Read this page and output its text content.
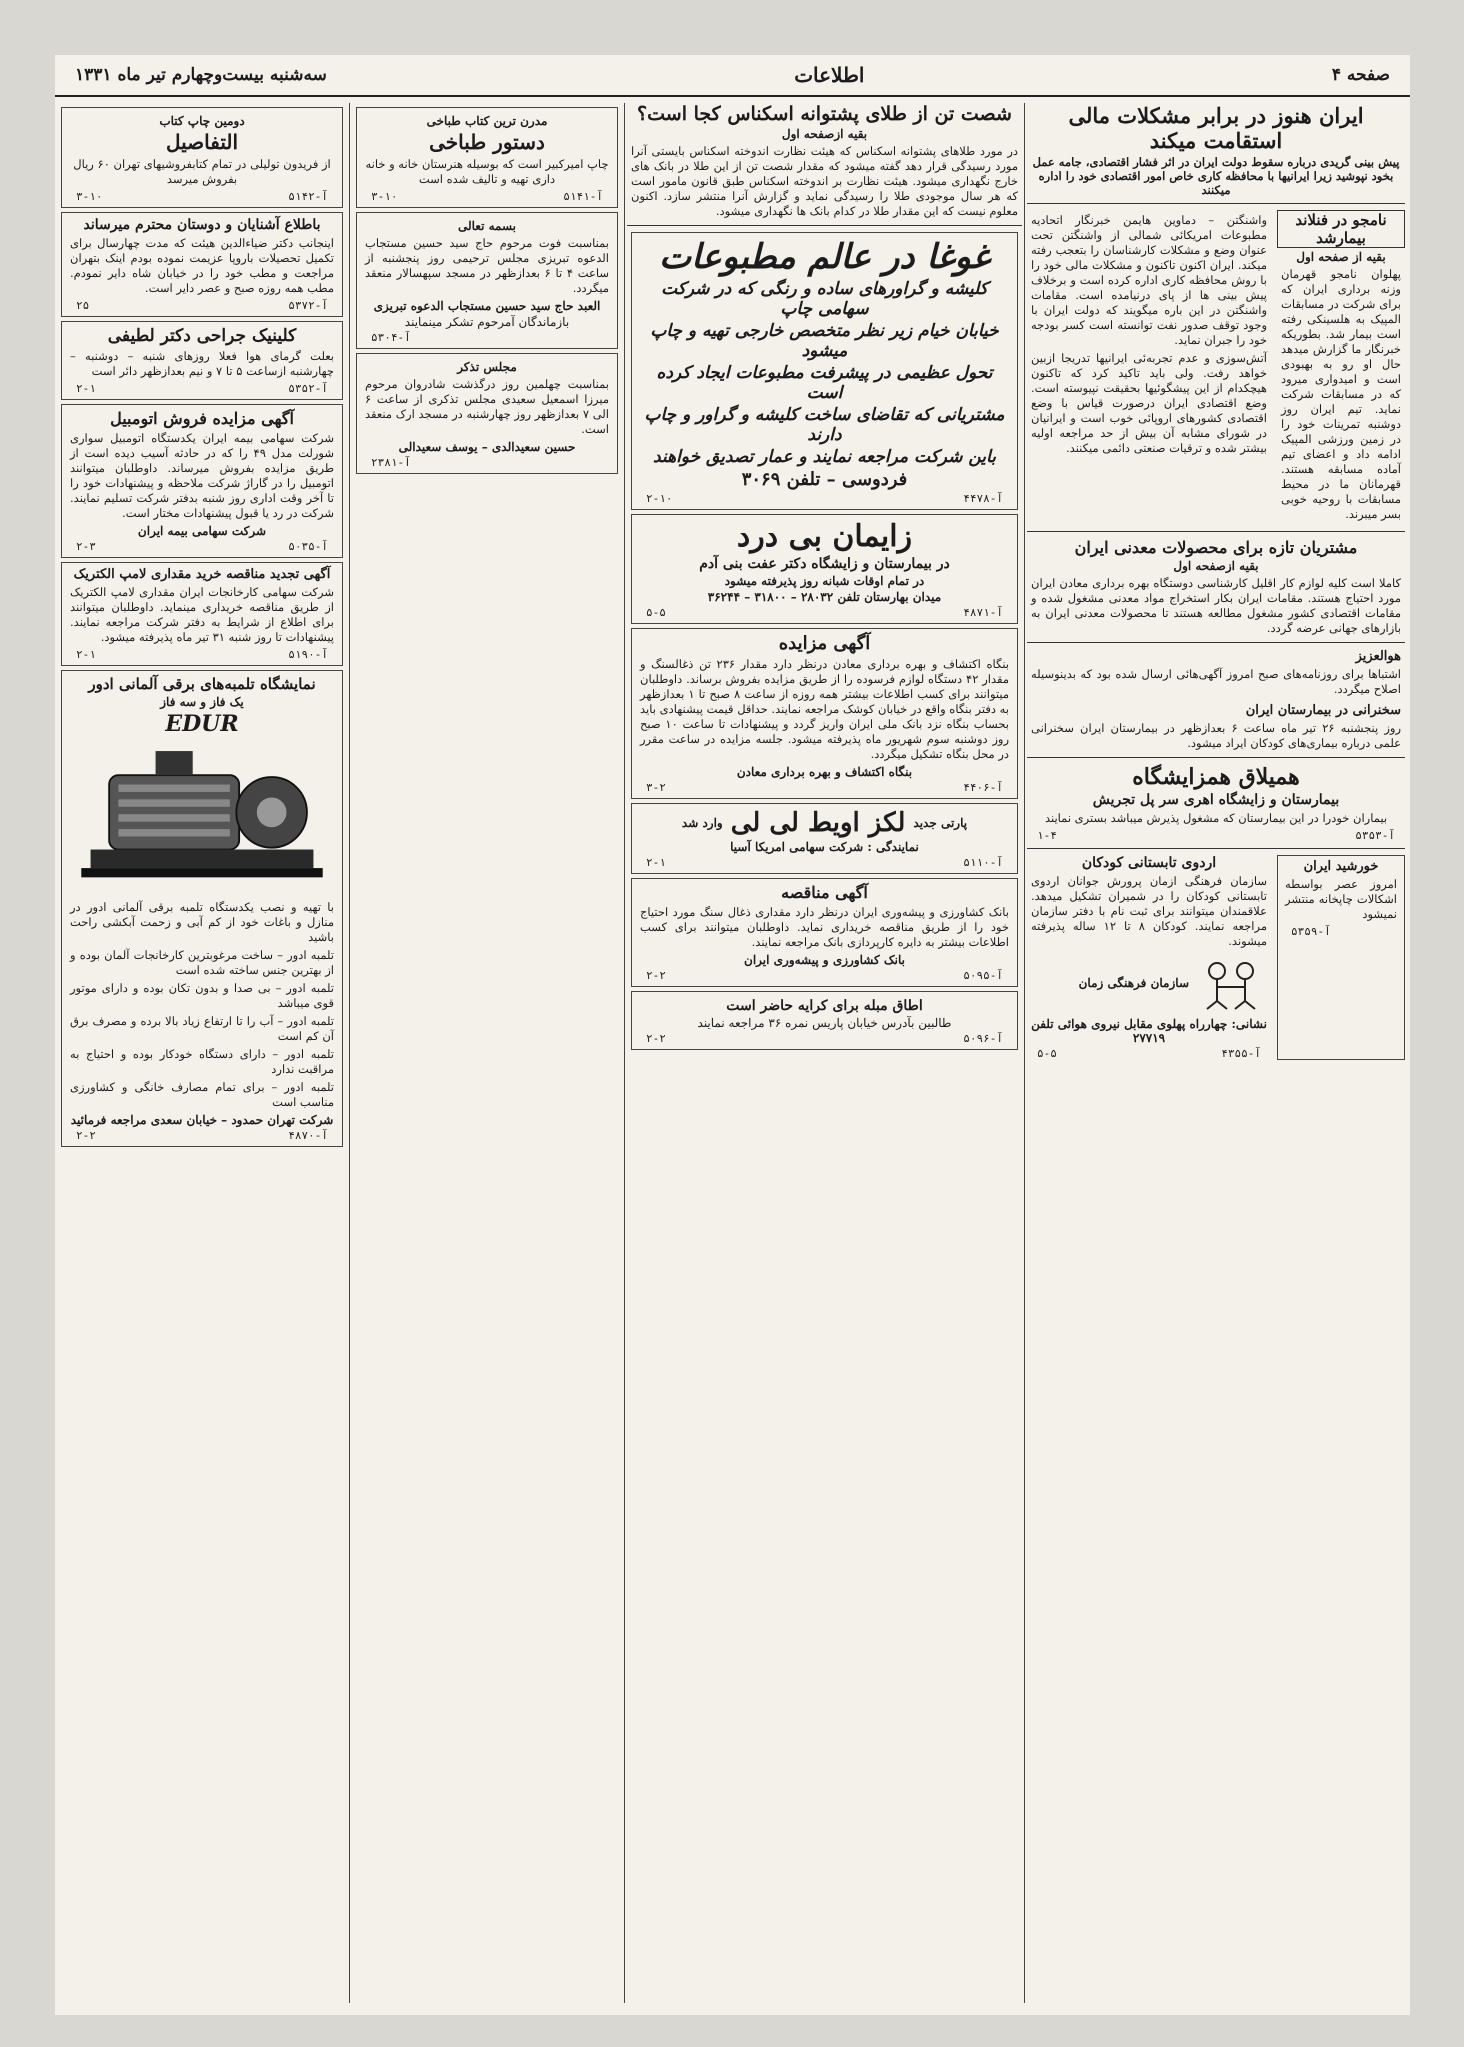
صفحه ۴
اطلاعات
سه‌شنبه بیست‌وچهارم تیر ماه ۱۳۳۱
ایران هنوز در برابر مشکلات مالی استقامت میکند
پیش بینی گریدی درباره سقوط دولت ایران در اثر فشار اقتصادی، جامه عمل بخود نپوشید زیرا ایرانیها با محافظه کاری خاص امور اقتصادی خود را اداره میکنند
نامجو در فنلاند بیمارشد
بقیه از صفحه اول

پهلوان نامجو قهرمان وزنه برداری ایران که برای شرکت در مسابقات المپیک به هلسینکی رفته است بیمار شد. بطوریکه خبرنگار ما گزارش میدهد حال او رو به بهبودی است و امیدواری میرود که در مسابقات شرکت نماید. تیم ایران روز دوشنبه تمرینات خود را در زمین ورزشی المپیک ادامه داد و اعضای تیم آماده مسابقه هستند. قهرمانان ما در محیط مسابقات با روحیه خوبی بسر میبرند.

واشنگتن – دماوین هایمن خبرنگار اتحادیه مطبوعات امریکائی شمالی از واشنگتن تحت عنوان وضع و مشکلات کارشناسان را بتعجب رفته میکند. ایران اکنون تاکنون و مشکلات مالی خود را با روش محافظه کاری اداره کرده است و برخلاف پیش بینی ها از پای درنیامده است. مقامات واشنگتن در این باره میگویند که دولت ایران با وجود توقف صدور نفت توانسته است کسر بودجه خود را جبران نماید.

آتش‌سوزی و عدم تجربه‌ئی ایرانیها تدریجا ازبین خواهد رفت. ولی باید تاکید کرد که تاکنون هیچکدام از این پیشگوئیها بحقیقت نپیوسته است. وضع اقتصادی ایران درصورت قیاس با وضع اقتصادی کشورهای اروپائی خوب است و ایرانیان در شورای مشابه آن بیش از حد مراجعه اولیه بیشتر شده و ترقیات صنعتی دائمی میکنند.

مشتریان تازه برای محصولات معدنی ایران
بقیه ازصفحه اول

کاملا است کلیه لوازم کار اقلیل کارشناسی دوستگاه بهره برداری معادن ایران مورد احتیاج هستند. مقامات ایران بکار استخراج مواد معدنی مشغول شده و مقامات اقتصادی کشور مشغول مطالعه هستند تا محصولات معدنی ایران به بازارهای جهانی عرضه گردد.

هوالعزیز

اشتباها برای روزنامه‌های صبح امروز آگهی‌هائی ارسال شده بود که بدینوسیله اصلاح میگردد.

سخنرانی در بیمارستان ایران

روز پنجشنبه ۲۶ تیر ماه ساعت ۶ بعدازظهر در بیمارستان ایران سخنرانی علمی درباره بیماری‌های کودکان ایراد میشود.

همیلاق همزایشگاه
بیمارستان و زایشگاه اهری سر پل تجریش

بیماران خودرا در این بیمارستان که مشغول پذیرش میباشد بستری نمایند

۱-۴	آ-۵۳۵۳
خورشید ایران

امروز عصر بواسطه اشکالات چاپخانه منتشر نمیشود

آ-۵۳۵۹
اردوی تابستانی کودکان

سازمان فرهنگی ازمان پرورش جوانان اردوی تابستانی کودکان را در شمیران تشکیل میدهد. علاقمندان میتوانند برای ثبت نام با دفتر سازمان مراجعه نمایند. کودکان ۸ تا ۱۲ ساله پذیرفته میشوند.

سازمان فرهنگی زمان
نشانی: چهارراه پهلوی مقابل نیروی هوائی تلفن ۲۷۷۱۹
۵-۵	آ-۴۳۵۵
شصت تن از طلای پشتوانه اسکناس کجا است؟
بقیه ازصفحه اول

در مورد طلاهای پشتوانه اسکناس که هیئت نظارت اندوخته اسکناس بایستی آنرا مورد رسیدگی قرار دهد گفته میشود که مقدار شصت تن از این طلا در بانک های خارج نگهداری میشود. هیئت نظارت بر اندوخته اسکناس طبق قانون مامور است که هر سال موجودی طلا را رسیدگی نماید و گزارش آنرا منتشر سازد. اکنون معلوم نیست که این مقدار طلا در کدام بانک ها نگهداری میشود.

غوغا در عالم مطبوعات
کلیشه و گراورهای ساده و رنگی که در شرکت سهامی چاپ
خیابان خیام زیر نظر متخصص خارجی تهیه و چاپ میشود
تحول عظیمی در پیشرفت مطبوعات ایجاد کرده است
مشتریانی که تقاضای ساخت کلیشه و گراور و چاپ دارند
باین شرکت مراجعه نمایند و عمار تصدیق خواهند
فردوسی – تلفن ۳۰۶۹
۲-۱۰	آ-۴۴۷۸
زایمان بی درد
در بیمارستان و زایشگاه دکتر عفت بنی آدم
در تمام اوقات شبانه روز پذیرفته میشود
میدان بهارستان تلفن ۲۸۰۳۲ – ۳۱۸۰۰ – ۳۶۲۴۴
۵-۵	آ-۴۸۷۱
آگهی مزایده

بنگاه اکتشاف و بهره برداری معادن درنظر دارد مقدار ۲۳۶ تن ذغالسنگ و مقدار ۴۲ دستگاه لوازم فرسوده را از طریق مزایده بفروش برساند. داوطلبان میتوانند برای کسب اطلاعات بیشتر همه روزه از ساعت ۸ صبح تا ۱ بعدازظهر به دفتر بنگاه واقع در خیابان کوشک مراجعه نمایند. حداقل قیمت پیشنهادی باید بحساب بنگاه نزد بانک ملی ایران واریز گردد و پیشنهادات تا ساعت ۱۰ صبح روز دوشنبه سوم شهریور ماه پذیرفته میشود. جلسه مزایده در ساعت مقرر در محل بنگاه تشکیل میگردد.

بنگاه اکتشاف و بهره برداری معادن
۳-۲	آ-۴۴۰۶
پارتی جدید
لکز اویط لی لی
وارد شد
نمایندگی : شرکت سهامی امریکا آسیا
۲-۱	آ-۵۱۱۰
آگهی مناقصه

بانک کشاورزی و پیشه‌وری ایران درنظر دارد مقداری ذغال سنگ مورد احتیاج خود را از طریق مناقصه خریداری نماید. داوطلبان میتوانند برای کسب اطلاعات بیشتر به دایره کارپردازی بانک مراجعه نمایند.

بانک کشاورزی و پیشه‌وری ایران
۲-۲	آ-۵۰۹۵
اطاق مبله برای کرایه حاضر است
طالبین بآدرس خیابان پاریس نمره ۳۶ مراجعه نمایند
۲-۲	آ-۵۰۹۶
مدرن ترین کتاب طباخی
دستور طباخی

چاپ امیرکبیر است که بوسیله هنرستان خانه و خانه داری تهیه و تالیف شده است

۳-۱۰	آ-۵۱۴۱
بسمه تعالی

بمناسبت فوت مرحوم حاج سید حسین مستجاب الدعوه تبریزی مجلس ترحیمی روز پنجشنبه از ساعت ۴ تا ۶ بعدازظهر در مسجد سپهسالار منعقد میگردد.

العبد حاج سید حسین مستجاب الدعوه تبریزی
بازماندگان آمرحوم تشکر مینمایند
آ-۵۳۰۴
مجلس تذکر

بمناسبت چهلمین روز درگذشت شادروان مرحوم میرزا اسمعیل سعیدی مجلس تذکری از ساعت ۶ الی ۷ بعدازظهر روز چهارشنبه در مسجد ارک منعقد است.

حسین سعیدالدی – یوسف سعیدالی
آ-۲۳۸۱
دومین چاپ کتاب
التفاصیل

از فریدون تولیلی در تمام کتابفروشیهای تهران ۶۰ ریال بفروش میرسد

۳-۱۰	آ-۵۱۴۲
باطلاع آشنایان و دوستان محترم میرساند

اینجانب دکتر ضیاءالدین هیئت که مدت چهارسال برای تکمیل تحصیلات باروپا عزیمت نموده بودم اینک بتهران مراجعت و مطب خود را در خیابان شاه دایر نمودم. مطب همه روزه صبح و عصر دایر است.

۲۵	آ-۵۳۷۲
کلینیک جراحی دکتر لطیفی

بعلت گرمای هوا فعلا روزهای شنبه – دوشنبه – چهارشنبه ازساعت ۵ تا ۷ و نیم بعدازظهر دائر است

۲-۱	آ-۵۳۵۲
آگهی مزایده فروش اتومبیل

شرکت سهامی بیمه ایران یکدستگاه اتومبیل سواری شورلت مدل ۴۹ را که در حادثه آسیب دیده است از طریق مزایده بفروش میرساند. داوطلبان میتوانند اتومبیل را در گاراژ شرکت ملاحظه و پیشنهادات خود را تا آخر وقت اداری روز شنبه بدفتر شرکت تسلیم نمایند. شرکت در رد یا قبول پیشنهادات مختار است.

شرکت سهامی بیمه ایران
۲-۳	آ-۵۰۳۵
آگهی تجدید مناقصه خرید مقداری لامپ الکتریک

شرکت سهامی کارخانجات ایران مقداری لامپ الکتریک از طریق مناقصه خریداری مینماید. داوطلبان میتوانند برای اطلاع از شرایط به دفتر شرکت مراجعه نمایند. پیشنهادات تا روز شنبه ۳۱ تیر ماه پذیرفته میشود.

۲-۱	آ-۵۱۹۰
نمایشگاه تلمبه‌های برقی آلمانی ادور
یک فاز و سه فاز
EDUR

با تهیه و نصب یکدستگاه تلمبه برقی آلمانی ادور در منازل و باغات خود از کم آبی و زحمت آبکشی راحت باشید

تلمبه ادور – ساخت مرغوبترین کارخانجات آلمان بوده و از بهترین جنس ساخته شده است

تلمبه ادور – بی صدا و بدون تکان بوده و دارای موتور قوی میباشد

تلمبه ادور – آب را تا ارتفاع زیاد بالا برده و مصرف برق آن کم است

تلمبه ادور – دارای دستگاه خودکار بوده و احتیاج به مراقبت ندارد

تلمبه ادور – برای تمام مصارف خانگی و کشاورزی مناسب است

شرکت تهران حمدود – خیابان سعدی مراجعه فرمائید
۲-۲	آ-۴۸۷۰
